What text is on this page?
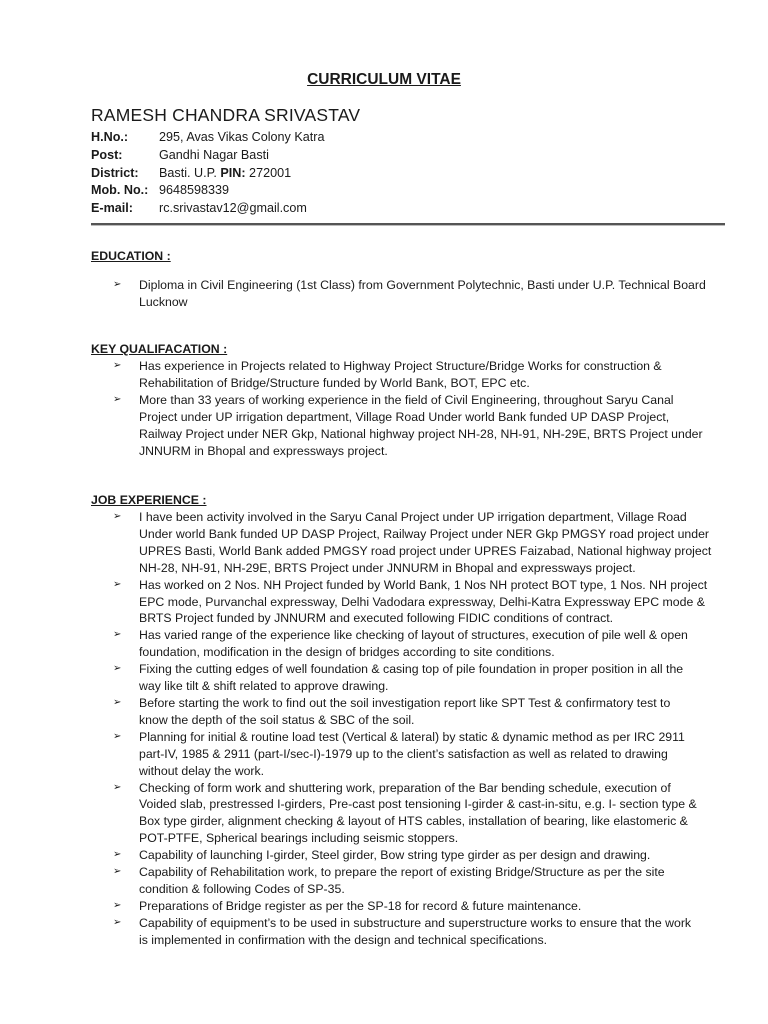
CURRICULUM VITAE
RAMESH CHANDRA SRIVASTAV
H.No.:	295, Avas Vikas Colony Katra
Post:	Gandhi Nagar Basti
District:	Basti. U.P. PIN: 272001
Mob. No.: 9648598339
E-mail:	rc.srivastav12@gmail.com
EDUCATION :
➢ Diploma in Civil Engineering (1st Class) from Government Polytechnic, Basti under U.P. Technical Board
Lucknow
KEY QUALIFACATION :
➢ Has experience in Projects related to Highway Project Structure/Bridge Works for construction &
Rehabilitation of Bridge/Structure funded by World Bank, BOT, EPC etc.
➢ More than 33 years of working experience in the field of Civil Engineering, throughout Saryu Canal
Project under UP irrigation department, Village Road Under world Bank funded UP DASP Project,
Railway Project under NER Gkp, National highway project NH-28, NH-91, NH-29E, BRTS Project under
JNNURM in Bhopal and expressways project.
JOB EXPERIENCE :
➢ I have been activity involved in the Saryu Canal Project under UP irrigation department, Village Road
Under world Bank funded UP DASP Project, Railway Project under NER Gkp PMGSY road project under
UPRES Basti, World Bank added PMGSY road project under UPRES Faizabad, National highway project
NH-28, NH-91, NH-29E, BRTS Project under JNNURM in Bhopal and expressways project.
➢ Has worked on 2 Nos. NH Project funded by World Bank, 1 Nos NH protect BOT type, 1 Nos. NH project
EPC mode, Purvanchal expressway, Delhi Vadodara expressway, Delhi-Katra Expressway EPC mode &
BRTS Project funded by JNNURM and executed following FIDIC conditions of contract.
➢ Has varied range of the experience like checking of layout of structures, execution of pile well & open
foundation, modification in the design of bridges according to site conditions.
➢ Fixing the cutting edges of well foundation & casing top of pile foundation in proper position in all the
way like tilt & shift related to approve drawing.
➢ Before starting the work to find out the soil investigation report like SPT Test & confirmatory test to
know the depth of the soil status & SBC of the soil.
➢ Planning for initial & routine load test (Vertical & lateral) by static & dynamic method as per IRC 2911
part-IV, 1985 & 2911 (part-I/sec-I)-1979 up to the client’s satisfaction as well as related to drawing
without delay the work.
➢ Checking of form work and shuttering work, preparation of the Bar bending schedule, execution of
Voided slab, prestressed I-girders, Pre-cast post tensioning I-girder & cast-in-situ, e.g. I- section type &
Box type girder, alignment checking & layout of HTS cables, installation of bearing, like elastomeric &
POT-PTFE, Spherical bearings including seismic stoppers.
➢ Capability of launching I-girder, Steel girder, Bow string type girder as per design and drawing.
➢ Capability of Rehabilitation work, to prepare the report of existing Bridge/Structure as per the site
condition & following Codes of SP-35.
➢ Preparations of Bridge register as per the SP-18 for record & future maintenance.
➢ Capability of equipment’s to be used in substructure and superstructure works to ensure that the work
is implemented in confirmation with the design and technical specifications.
